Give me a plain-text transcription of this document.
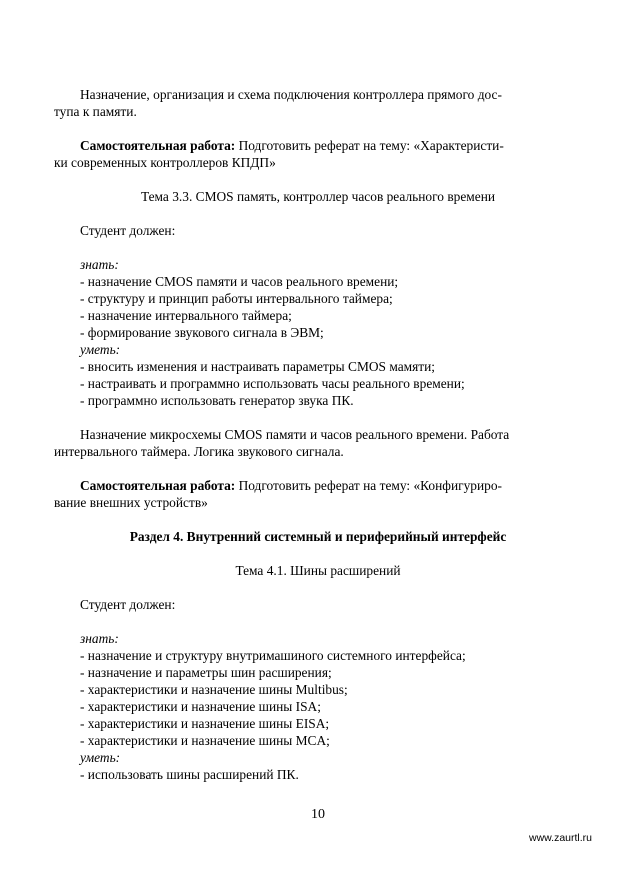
Назначение, организация и схема подключения контроллера прямого дос-
тупа к памяти.
Самостоятельная работа: Подготовить реферат на тему: «Характеристи-
ки современных контроллеров КПДП»
Тема 3.3. CMOS память, контроллер часов реального времени
Студент должен:
знать:
- назначение CMOS памяти и часов реального времени;
- структуру и принцип работы интервального таймера;
- назначение интервального таймера;
- формирование звукового сигнала в ЭВМ;
уметь:
- вносить изменения и настраивать параметры CMOS мамяти;
- настраивать и программно использовать часы реального времени;
- программно использовать генератор звука ПК.
Назначение микросхемы CMOS памяти и часов реального времени. Работа
интервального таймера. Логика звукового сигнала.
Самостоятельная работа: Подготовить реферат на тему: «Конфигуриро-
вание внешних устройств»
Раздел 4. Внутренний системный и периферийный интерфейс
Тема 4.1. Шины расширений
Студент должен:
знать:
- назначение и структуру внутримашиного системного интерфейса;
- назначение и параметры шин расширения;
- характеристики и назначение шины Multibus;
- характеристики и назначение шины ISA;
- характеристики и назначение шины EISA;
- характеристики и назначение шины MCA;
уметь:
- использовать шины расширений ПК.
10
www.zaurtl.ru
